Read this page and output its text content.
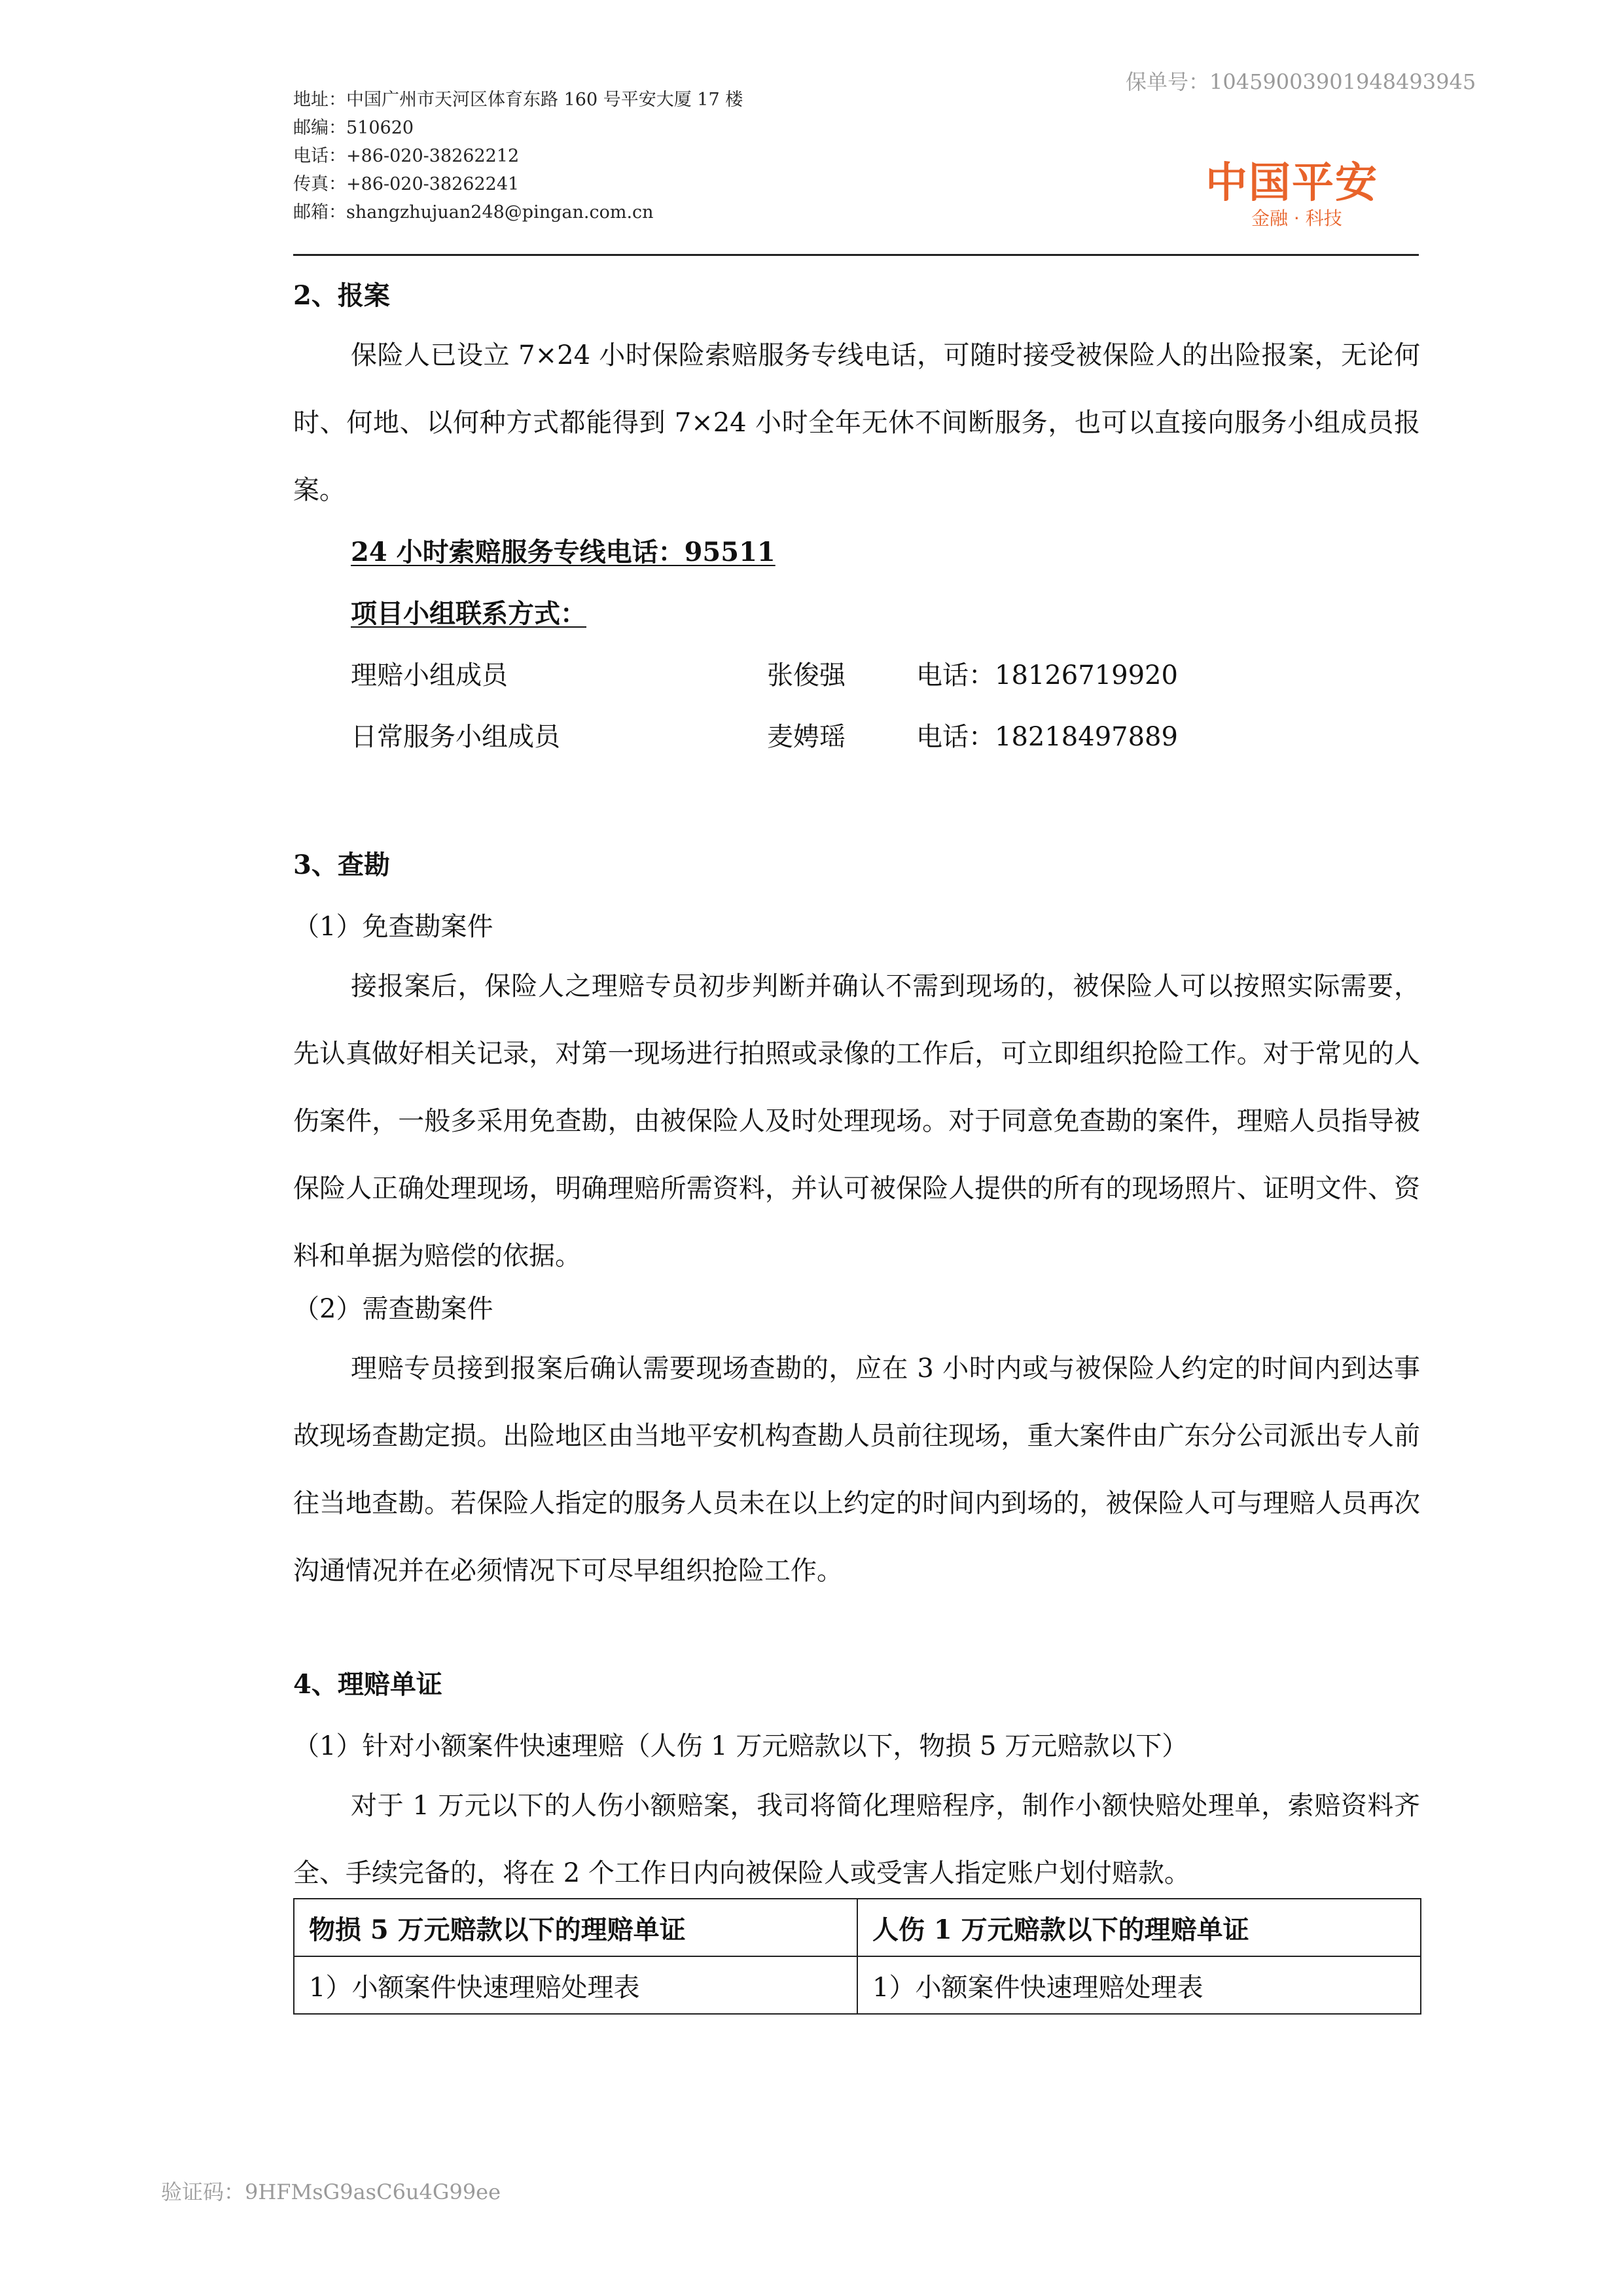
保单号：10459003901948493945
地址：中国广州市天河区体育东路 160 号平安大厦 17 楼
邮编：510620
电话：+86-020-38262212
传真：+86-020-38262241
邮箱：shangzhujuan248@pingan.com.cn
中国平安
金融 · 科技
2、报案

保险人已设立 7×24 小时保险索赔服务专线电话，可随时接受被保险人的出险报案，无论何时、何地、以何种方式都能得到 7×24 小时全年无休不间断服务，也可以直接向服务小组成员报案。

24 小时索赔服务专线电话：95511
项目小组联系方式：
理赔小组成员	张俊强	电话：18126719920
日常服务小组成员	麦娉瑶	电话：18218497889
3、查勘
（1）免查勘案件

接报案后，保险人之理赔专员初步判断并确认不需到现场的，被保险人可以按照实际需要，先认真做好相关记录，对第一现场进行拍照或录像的工作后，可立即组织抢险工作。对于常见的人伤案件，一般多采用免查勘，由被保险人及时处理现场。对于同意免查勘的案件，理赔人员指导被保险人正确处理现场，明确理赔所需资料，并认可被保险人提供的所有的现场照片、证明文件、资料和单据为赔偿的依据。

（2）需查勘案件

理赔专员接到报案后确认需要现场查勘的，应在 3 小时内或与被保险人约定的时间内到达事故现场查勘定损。出险地区由当地平安机构查勘人员前往现场，重大案件由广东分公司派出专人前往当地查勘。若保险人指定的服务人员未在以上约定的时间内到场的，被保险人可与理赔人员再次沟通情况并在必须情况下可尽早组织抢险工作。

4、理赔单证
（1）针对小额案件快速理赔（人伤 1 万元赔款以下，物损 5 万元赔款以下）

对于 1 万元以下的人伤小额赔案，我司将简化理赔程序，制作小额快赔处理单，索赔资料齐全、手续完备的，将在 2 个工作日内向被保险人或受害人指定账户划付赔款。

物损 5 万元赔款以下的理赔单证	人伤 1 万元赔款以下的理赔单证
1）小额案件快速理赔处理表	1）小额案件快速理赔处理表
验证码：9HFMsG9asC6u4G99ee
